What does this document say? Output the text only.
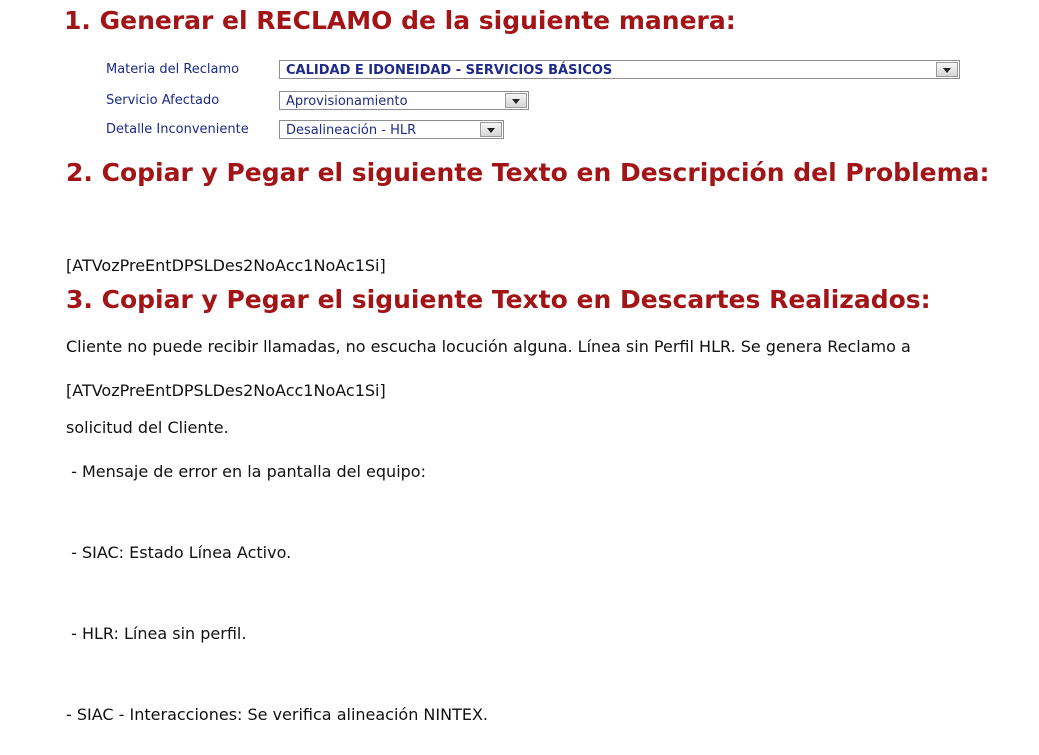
1. Generar el RECLAMO de la siguiente manera:
Materia del Reclamo	CALIDAD E IDONEIDAD - SERVICIOS BÁSICOS
Servicio Afectado	Aprovisionamiento
Detalle Inconveniente	Desalineación - HLR
2. Copiar y Pegar el siguiente Texto en Descripción del Problema:

[ATVozPreEntDPSLDes2NoAcc1NoAc1Si]

Cliente no puede recibir llamadas, no escucha locución alguna. Línea sin Perfil HLR. Se genera Reclamo a

solicitud del Cliente.

3. Copiar y Pegar el siguiente Texto en Descartes Realizados:

[ATVozPreEntDPSLDes2NoAcc1NoAc1Si]

- Mensaje de error en la pantalla del equipo:

- SIAC: Estado Línea Activo.

- HLR: Línea sin perfil.

- SIAC - Interacciones: Se verifica alineación NINTEX.
